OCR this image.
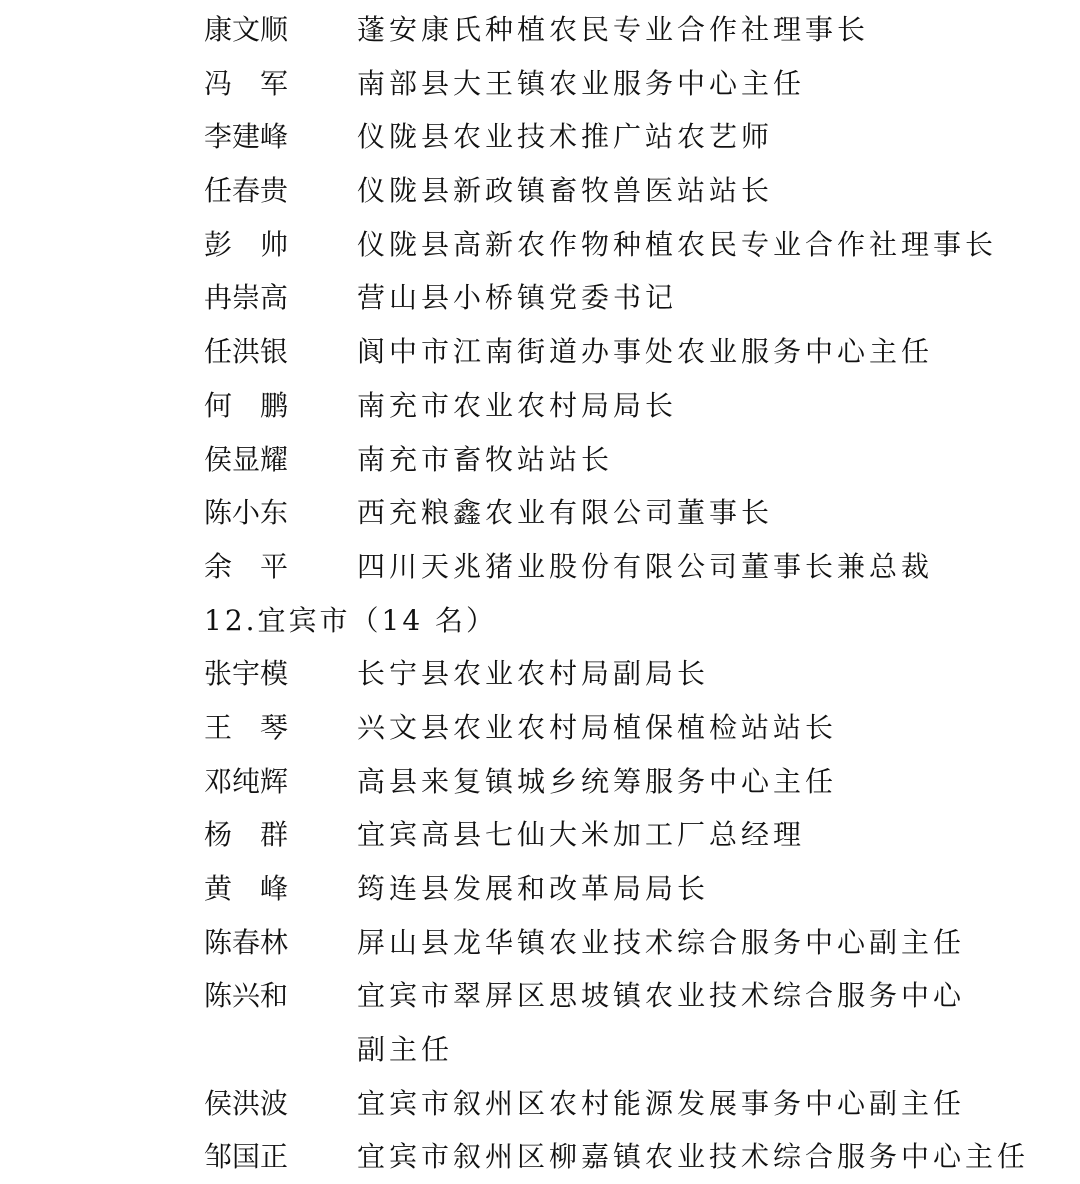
康文顺 蓬安康氏种植农民专业合作社理事长
冯　军 南部县大王镇农业服务中心主任
李建峰 仪陇县农业技术推广站农艺师
任春贵 仪陇县新政镇畜牧兽医站站长
彭　帅 仪陇县高新农作物种植农民专业合作社理事长
冉崇高 营山县小桥镇党委书记
任洪银 阆中市江南街道办事处农业服务中心主任
何　鹏 南充市农业农村局局长
侯显耀 南充市畜牧站站长
陈小东 西充粮鑫农业有限公司董事长
余　平 四川天兆猪业股份有限公司董事长兼总裁
12.宜宾市（14 名）
张宇模 长宁县农业农村局副局长
王　琴 兴文县农业农村局植保植检站站长
邓纯辉 高县来复镇城乡统筹服务中心主任
杨　群 宜宾高县七仙大米加工厂总经理
黄　峰 筠连县发展和改革局局长
陈春林 屏山县龙华镇农业技术综合服务中心副主任
陈兴和 宜宾市翠屏区思坡镇农业技术综合服务中心
副主任
侯洪波 宜宾市叙州区农村能源发展事务中心副主任
邹国正 宜宾市叙州区柳嘉镇农业技术综合服务中心主任
